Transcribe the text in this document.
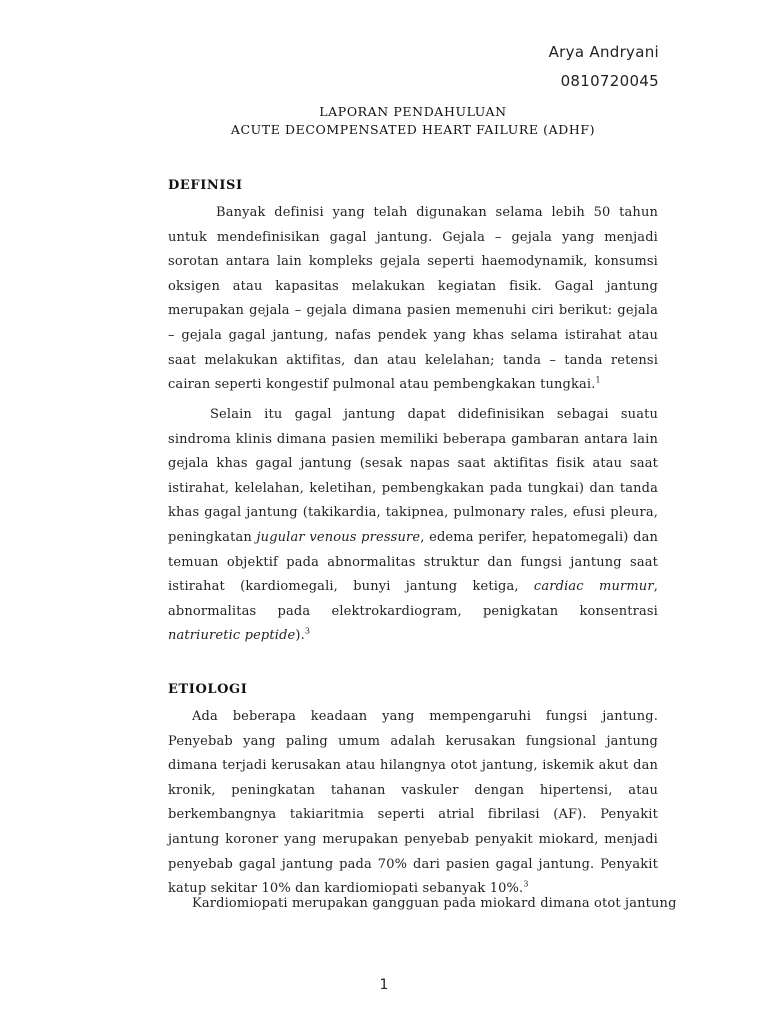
Arya Andryani
0810720045
LAPORAN PENDAHULUAN
ACUTE DECOMPENSATED HEART FAILURE (ADHF)
DEFINISI

Banyak definisi yang telah digunakan selama lebih 50 tahun untuk mendefinisikan gagal jantung. Gejala – gejala yang menjadi sorotan antara lain kompleks gejala seperti haemodynamik, konsumsi oksigen atau kapasitas melakukan kegiatan fisik. Gagal jantung merupakan gejala – gejala dimana pasien memenuhi ciri berikut: gejala – gejala gagal jantung, nafas pendek yang khas selama istirahat atau saat melakukan aktifitas, dan atau kelelahan; tanda – tanda retensi cairan seperti kongestif pulmonal atau pembengkakan tungkai.$^1$

Selain itu gagal jantung dapat didefinisikan sebagai suatu sindroma klinis dimana pasien memiliki beberapa gambaran antara lain gejala khas gagal jantung (sesak napas saat aktifitas fisik atau saat istirahat, kelelahan, keletihan, pembengkakan pada tungkai) dan tanda khas gagal jantung (takikardia, takipnea, pulmonary rales, efusi pleura, peningkatan jugular venous pressure, edema perifer, hepatomegali) dan temuan objektif pada abnormalitas struktur dan fungsi jantung saat istirahat (kardiomegali, bunyi jantung ketiga, cardiac murmur, abnormalitas pada elektrokardiogram, penigkatan konsentrasi natriuretic peptide).$^3$

ETIOLOGI

Ada beberapa keadaan yang mempengaruhi fungsi jantung. Penyebab yang paling umum adalah kerusakan fungsional jantung dimana terjadi kerusakan atau hilangnya otot jantung, iskemik akut dan kronik, peningkatan tahanan vaskuler dengan hipertensi, atau berkembangnya takiaritmia seperti atrial fibrilasi (AF). Penyakit jantung koroner yang merupakan penyebab penyakit miokard, menjadi penyebab gagal jantung pada 70% dari pasien gagal jantung. Penyakit katup sekitar 10% dan kardiomiopati sebanyak 10%.$^3$

Kardiomiopati merupakan gangguan pada miokard dimana otot jantung

1
